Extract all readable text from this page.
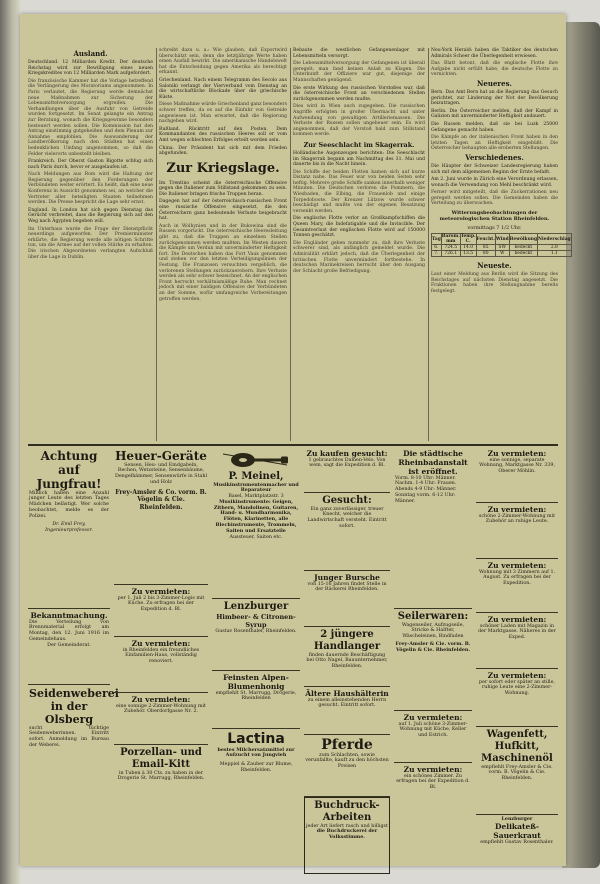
Ausland.

Deutschland. 12 Milliarden Kredit. Der deutsche Reichstag wird zur Bewilligung eines neuen Kriegskredites von 12 Milliarden Mark aufgefordert.

Die französische Kammer hat die Vorlage betreffend die Verlängerung des Moratoriums angenommen. In Paris verlautet, die Regierung werde demnächst neue Maßnahmen zur Sicherung der Lebensmittelversorgung ergreifen. Die Verhandlungen über die Ausfuhr von Getreide wurden fortgesetzt. Im Senat gelangte ein Antrag zur Beratung, wonach die Kriegsgewinne besonders besteuert werden sollen. Die Kommission hat den Antrag einstimmig gutgeheißen und dem Plenum zur Annahme empfohlen. Die Auswanderung der Landbevölkerung nach den Städten hat einen bedenklichen Umfang angenommen, so daß die Felder vielerorts unbestellt bleiben.

Frankreich. Der Oberst Gaston Bigotte schlug sich nach Paris durch, bevor er ausgelaufen ist.

Nach Meldungen aus Rom wird die Haltung der Regierung gegenüber den Forderungen der Verbündeten weiter erörtert. Es heißt, daß eine neue Konferenz in Aussicht genommen sei, an welcher die Vertreter aller beteiligten Staaten teilnehmen werden. Die Presse bespricht die Lage sehr ernst.

England. In London hat sich gegen Dienstag das Gerücht verbreitet, dass die Regierung sich auf den Weg nach Ägypten begeben will.

Im Unterhaus wurde die Frage der Dienstpflicht neuerdings aufgeworfen. Der Premierminister erklärte, die Regierung werde alle nötigen Schritte tun, um die Armee auf der vollen Stärke zu erhalten. Die irischen Abgeordneten verlangten Aufschluß über die Lage in Dublin.
schreibt dazu u. a.: Wie glauben, daß Exportwird überschätzt sein, denn die letztjährige Werte haben einen Ausfall bewirkt. Die amerikanische Handelswelt hat die Entscheidung gegen Amerika als berechtigt erkannt.

Griechenland. Nach einem Telegramm des Secolo aus Saloniki verlangt der Vierverband vom Dienstag an die wirtschaftliche Blockade über die griechische Küste.

Diese Maßnahme würde Griechenland ganz besonders schwer treffen, da es auf die Einfuhr von Getreide angewiesen ist. Man erwartet, daß die Regierung nachgeben wird.

Rußland. Rücktritt auf den Posten. Dem Kommandanten des russischen Heeres soll er vom Amt wegen schlechten Erfolges erteilt worden sein.

China. Der Präsident hat sich mit dem Frieden abgefunden.

Zur Kriegslage.

Im Trentino scheint die österreichische Offensive gegen die Italiener zum Stillstand gekommen zu sein. Die Italiener bringen frische Truppen heran.

Dagegen hat auf der österreichisch-russischen Front eine russische Offensive eingesetzt, die den Österreichern ganz bedeutende Verluste beigebracht hat.

Auch in Wolhynien und in der Bukowina sind die Russen vorgerückt. Die österreichische Heeresleitung gibt zu, daß die Truppen an einzelnen Stellen zurückgenommen werden mußten. Im Westen dauern die Kämpfe um Verdun mit unverminderter Heftigkeit fort. Die Deutschen haben das Fort Vaux genommen und stehen vor den letzten Verteidigungslinien der Festung. Die Franzosen versuchten vergeblich, die verlorenen Stellungen zurückzuerobern. Ihre Verluste werden als sehr schwer bezeichnet. An der englischen Front herrscht verhältnismäßige Ruhe. Man rechnet jedoch mit einer baldigen Offensive der Verbündeten an der Somme, wofür umfangreiche Vorbereitungen getroffen werden.

Bebaute die westlichen Gefangenenlager mit Lebensmitteln versorgt.

Die Lebensmittelversorgung der Gefangenen ist überall geregelt; man fand keinen Anlaß zu Klagen. Die Unterkunft der Offiziere war gut, diejenige der Mannschaften genügend.

Die erste Wirkung des russischen Vorstoßes war, daß die österreichische Front an verschiedenen Stellen zurückgenommen werden mußte.

Dies wird in Wien auch zugegeben. Die russischen Angriffe erfolgten in großer Übermacht und unter Aufwendung von gewaltigen Artilleriemassen. Die Verluste der Russen sollen ungeheuer sein. Es wird angenommen, daß der Vorstoß bald zum Stillstand kommen werde.
Zur Seeschlacht im Skagerrak.

Holländische Augenzeugen berichten: Die Seeschlacht im Skagerrak begann am Nachmittag des 31. Mai und dauerte bis in die Nacht hinein.

Die Schiffe der beiden Flotten kamen sich auf kurze Distanz nahe. Das Feuer war von beiden Seiten sehr heftig. Mehrere große Schiffe sanken innerhalb weniger Minuten. Die Deutschen verloren die Pommern, die Wiesbaden, die Elbing, die Frauenlob und einige Torpedoboote. Der Kreuzer Lützow wurde schwer beschädigt und mußte von der eigenen Besatzung versenkt werden.

Die englische Flotte verlor an Großkampfschiffen die Queen Mary, die Indefatigable und die Invincible. Der Gesamtverlust der englischen Flotte wird auf 150000 Tonnen geschätzt.

Die Engländer geben nunmehr zu, daß ihre Verluste schwerer sind, als anfänglich gemeldet wurde. Die Admiralität erklärt jedoch, daß die Überlegenheit der britischen Flotte unvermindert fortbestehe. In deutschen Marinekreisen herrscht über den Ausgang der Schlacht große Befriedigung.

Neu-York Herald: haben die Taktiker des deutschen Admirals Scheer die Überlegenheit erwiesen.

Das Blatt betont, daß die englische Flotte ihre Aufgabe nicht erfüllt habe, die deutsche Flotte zu vernichten.
Neueres.

Bern. Das Amt Bern hat an die Regierung das Gesuch gerichtet, zur Linderung der Not der Bevölkerung beizutragen.

Berlin. Die Österreicher melden, daß der Kampf in Galizien mit unverminderter Heftigkeit andauert.

Die Russen melden, daß sie bei Luzk 25000 Gefangene gemacht haben.

Die Kämpfe an der italienischen Front haben in den letzten Tagen an Heftigkeit eingebüßt. Die Österreicher behaupten alle eroberten Stellungen.
Verschiedenes.

Die Häupter der Schweizer Landesregierung haben sich mit dem allgemeinen Beginn der Ernte befaßt.

Am 2. Juni wurde in Zürich eine Verordnung erlassen, wonach die Verwendung von Mehl beschränkt wird.

Ferner wird mitgeteilt, daß die Zuckerrationen neu geregelt werden sollen. Die Gemeinden haben die Verteilung zu überwachen.
Witterungsbeobachtungen der meteorologischen Station Rheinfelden.
vormittags 7 1/2 Uhr.
Tag	Barom. mm	Temp. C.	Feucht.	Wind	Bewölkung	Niederschlag
6.	724.5	14.0	85	SW	bedeckt	2.8
7.	726.1	13.5	80	W	bedeckt	1.1
Neueste.
Laut einer Meldung aus Berlin wird die Sitzung des Reichstages auf nächsten Dienstag angesetzt. Die Fraktionen haben ihre Stellungnahme bereits festgelegt.
Achtung auf Jungfrau!
Mißlich haben eine Anzahl junger Leute des letzten Tages Mädchen belästigt. Wer solche beobachtet, melde es der Polizei.
Dr. Emil Frey, Ingenieurprofessor.
Bekanntmachung.
Die Verteilung von Brennmaterial erfolgt am Montag, den 12. Juni 1916 im Gemeindehaus.
Der Gemeinderat.
Seidenweberei in der Olsberg
sucht tüchtige Seidenweberinnen. Eintritt sofort. Anmeldung im Bureau der Weberei.
Heuer-Geräte
Sensen, Heu- und Emdgabeln, Rechen, Wetzsteine, Sensenbäume, Dengelhämmer, Sensenwürfe in Stahl und Holz
Frey-Amsler & Co. vorm. B. Vögelin & Cie. Rheinfelden.
Zu vermieten:
per 1. Juli 2 bis 3-Zimmer-Logis mit Küche. Zu erfragen bei der Expedition d. Bl.
Zu vermieten:
in Rheinfelden ein freundliches Einfamilien-Haus, vollständig renoviert.
Zu vermieten:
eine sonnige 2-Zimmer-Wohnung mit Zubehör. Oberdorfgasse Nr. 2.
Porzellan- und Email-Kitt
in Tuben à 30 Cts. zu haben in der Drogerie St. Marrugg, Rheinfelden.
P. Meinel,
Musikinstrumentenmacher und Reparateur
Basel, Marktplatzstr. 3
Musikinstrumente: Geigen, Zithern, Mandolinen, Guitaren, Hand- u. Mundharmonika, Flöten, Klarinetten, alle Blechinstrumente, Trommeln, Saiten und Ersatzteile
Aussteuer, Saiten etc.
Lenzburger
Himbeer- & Citronen-Syrup
Gustav Rosenthaler, Rheinfelden.
Feinsten Alpen-Blumenhonig
empfiehlt St. Marrugg, Drogerie, Rheinfelden
Lactina
bestes Milchersatzmittel zur Aufzucht von Jungvieh
Meppiel & Zauber zur Blume, Rheinfelden.
Zu kaufen gesucht:
1 gebrauchtes Damen-Velo. Von wem, sagt die Expedition d. Bl.
Gesucht:
Ein ganz zuverlässiger, treuer Knecht, welcher die Landwirtschaft versteht. Eintritt sofort.
Junger Bursche
von 15-16 Jahren findet Stelle in der Bäckerei Rheinfelden.
2 jüngere Handlanger
finden dauernde Beschäftigung bei Otto Nagel, Bauunternehmer, Rheinfelden.
Ältere Haushälterin
zu einem alleinstehenden Herrn gesucht. Eintritt sofort.
Pferde
zum Schlachten, sowie verunfallte, kauft zu den höchsten Preisen
Buchdruck-Arbeiten
jeder Art liefert rasch und billigst
die Buchdruckerei der Volksstimme.
Die städtische Rheinbadanstalt ist eröffnet.
Vorm. 8-10 Uhr: Männer. Nachm. 1-4 Uhr: Frauen. Abends 4-9 Uhr: Männer. Sonntag vorm. 6-12 Uhr: Männer.
Seilerwaren:
Wagenseiler, Aufzugseile, Stricke & Halfter, Wäscheleinen, Bindfaden
Frey-Amsler & Cie. vorm. B. Vögelin & Cie. Rheinfelden.
Zu vermieten:
auf 1. Juli schöne 3-Zimmer-Wohnung mit Küche, Keller und Estrich.
Zu vermieten:
ein schönes Zimmer. Zu erfragen bei der Expedition d. Bl.
Zu vermieten:
eine sonnige, separate Wohnung, Marktgasse Nr. 339, Oberer Möhlin.
Zu vermieten:
schöne 2-Zimmer-Wohnung mit Zubehör an ruhige Leute.
Zu vermieten:
Wohnung mit 3 Zimmern auf 1. August. Zu erfragen bei der Expedition.
Zu vermieten:
schöner Laden mit Magazin in der Marktgasse. Näheres in der Exped.
Zu vermieten:
per sofort oder später an stille, ruhige Leute eine 2-Zimmer-Wohnung.
Wagenfett, Hufkitt, Maschinenöl
empfiehlt Frey-Amsler & Cie. vorm. B. Vögelin & Cie. Rheinfelden.
Lenzburger
Delikateß-Sauerkraut
empfiehlt Gustav Rosenthaler.
